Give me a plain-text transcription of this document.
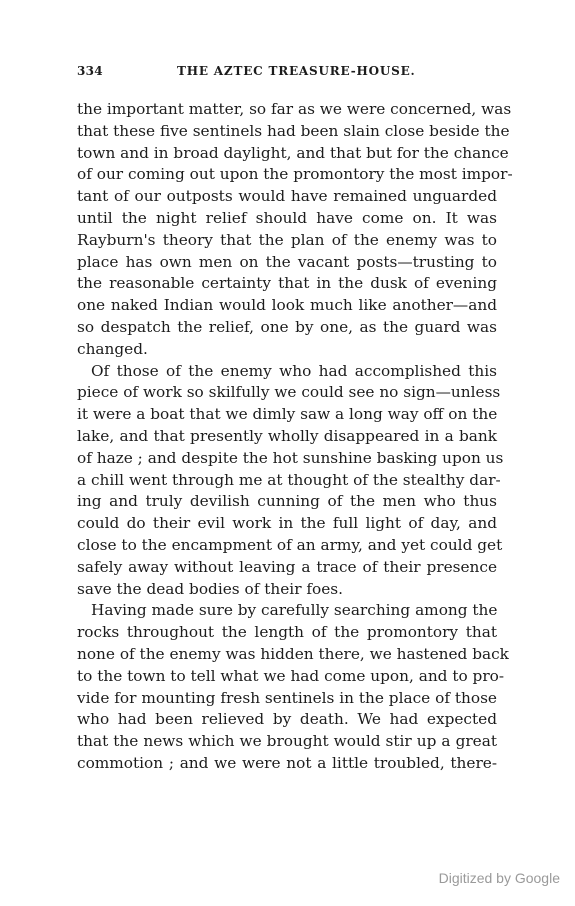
334	THE AZTEC TREASURE-HOUSE.
the important matter, so far as we were concerned, was
that these five sentinels had been slain close beside the
town and in broad daylight, and that but for the chance
of our coming out upon the promontory the most impor-
tant of our outposts would have remained unguarded
until the night relief should have come on. It was
Rayburn's theory that the plan of the enemy was to
place has own men on the vacant posts—trusting to
the reasonable certainty that in the dusk of evening
one naked Indian would look much like another—and
so despatch the relief, one by one, as the guard was
changed.
Of those of the enemy who had accomplished this
piece of work so skilfully we could see no sign—unless
it were a boat that we dimly saw a long way off on the
lake, and that presently wholly disappeared in a bank
of haze ; and despite the hot sunshine basking upon us
a chill went through me at thought of the stealthy dar-
ing and truly devilish cunning of the men who thus
could do their evil work in the full light of day, and
close to the encampment of an army, and yet could get
safely away without leaving a trace of their presence
save the dead bodies of their foes.
Having made sure by carefully searching among the
rocks throughout the length of the promontory that
none of the enemy was hidden there, we hastened back
to the town to tell what we had come upon, and to pro-
vide for mounting fresh sentinels in the place of those
who had been relieved by death. We had expected
that the news which we brought would stir up a great
commotion ; and we were not a little troubled, there-
Digitized by Google
